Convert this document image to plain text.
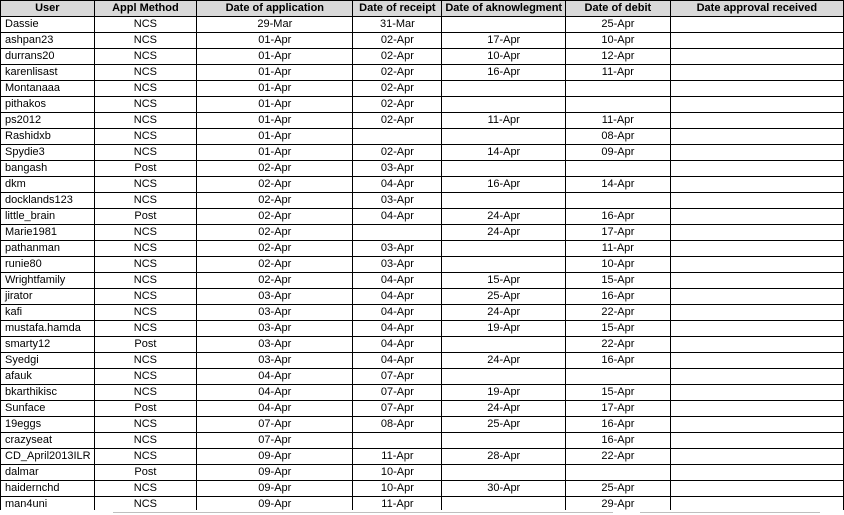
User	Appl Method	Date of application	Date of receipt	Date of aknowlegment	Date of debit	Date approval received
Dassie	NCS	29-Mar	31-Mar		25-Apr	
ashpan23	NCS	01-Apr	02-Apr	17-Apr	10-Apr	
durrans20	NCS	01-Apr	02-Apr	10-Apr	12-Apr	
karenlisast	NCS	01-Apr	02-Apr	16-Apr	11-Apr	
Montanaaa	NCS	01-Apr	02-Apr			
pithakos	NCS	01-Apr	02-Apr			
ps2012	NCS	01-Apr	02-Apr	11-Apr	11-Apr	
Rashidxb	NCS	01-Apr			08-Apr	
Spydie3	NCS	01-Apr	02-Apr	14-Apr	09-Apr	
bangash	Post	02-Apr	03-Apr			
dkm	NCS	02-Apr	04-Apr	16-Apr	14-Apr	
docklands123	NCS	02-Apr	03-Apr			
little_brain	Post	02-Apr	04-Apr	24-Apr	16-Apr	
Marie1981	NCS	02-Apr		24-Apr	17-Apr	
pathanman	NCS	02-Apr	03-Apr		11-Apr	
runie80	NCS	02-Apr	03-Apr		10-Apr	
Wrightfamily	NCS	02-Apr	04-Apr	15-Apr	15-Apr	
jirator	NCS	03-Apr	04-Apr	25-Apr	16-Apr	
kafi	NCS	03-Apr	04-Apr	24-Apr	22-Apr	
mustafa.hamda	NCS	03-Apr	04-Apr	19-Apr	15-Apr	
smarty12	Post	03-Apr	04-Apr		22-Apr	
Syedgi	NCS	03-Apr	04-Apr	24-Apr	16-Apr	
afauk	NCS	04-Apr	07-Apr			
bkarthikisc	NCS	04-Apr	07-Apr	19-Apr	15-Apr	
Sunface	Post	04-Apr	07-Apr	24-Apr	17-Apr	
19eggs	NCS	07-Apr	08-Apr	25-Apr	16-Apr	
crazyseat	NCS	07-Apr			16-Apr	
CD_April2013ILR	NCS	09-Apr	11-Apr	28-Apr	22-Apr	
dalmar	Post	09-Apr	10-Apr			
haidernchd	NCS	09-Apr	10-Apr	30-Apr	25-Apr	
man4uni	NCS	09-Apr	11-Apr		29-Apr	
